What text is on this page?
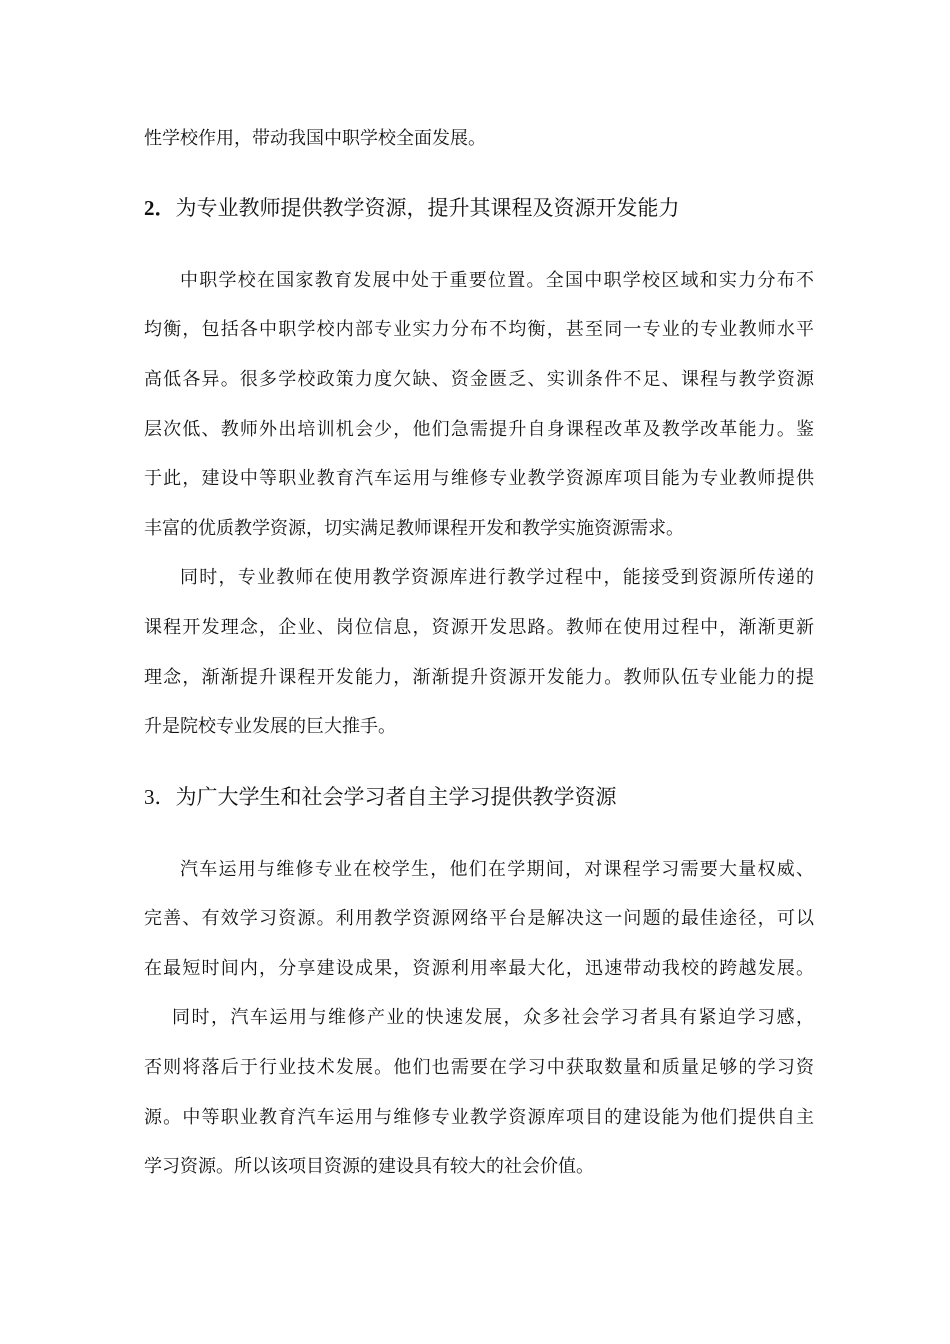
性学校作用，带动我国中职学校全面发展。
2．为专业教师提供教学资源，提升其课程及资源开发能力
中职学校在国家教育发展中处于重要位置。全国中职学校区域和实力分布不
均衡，包括各中职学校内部专业实力分布不均衡，甚至同一专业的专业教师水平
高低各异。很多学校政策力度欠缺、资金匮乏、实训条件不足、课程与教学资源
层次低、教师外出培训机会少，他们急需提升自身课程改革及教学改革能力。鉴
于此，建设中等职业教育汽车运用与维修专业教学资源库项目能为专业教师提供
丰富的优质教学资源，切实满足教师课程开发和教学实施资源需求。
同时，专业教师在使用教学资源库进行教学过程中，能接受到资源所传递的
课程开发理念，企业、岗位信息，资源开发思路。教师在使用过程中，渐渐更新
理念，渐渐提升课程开发能力，渐渐提升资源开发能力。教师队伍专业能力的提
升是院校专业发展的巨大推手。
3．为广大学生和社会学习者自主学习提供教学资源
汽车运用与维修专业在校学生，他们在学期间，对课程学习需要大量权威、
完善、有效学习资源。利用教学资源网络平台是解决这一问题的最佳途径，可以
在最短时间内，分享建设成果，资源利用率最大化，迅速带动我校的跨越发展。
同时，汽车运用与维修产业的快速发展，众多社会学习者具有紧迫学习感，
否则将落后于行业技术发展。他们也需要在学习中获取数量和质量足够的学习资
源。中等职业教育汽车运用与维修专业教学资源库项目的建设能为他们提供自主
学习资源。所以该项目资源的建设具有较大的社会价值。
